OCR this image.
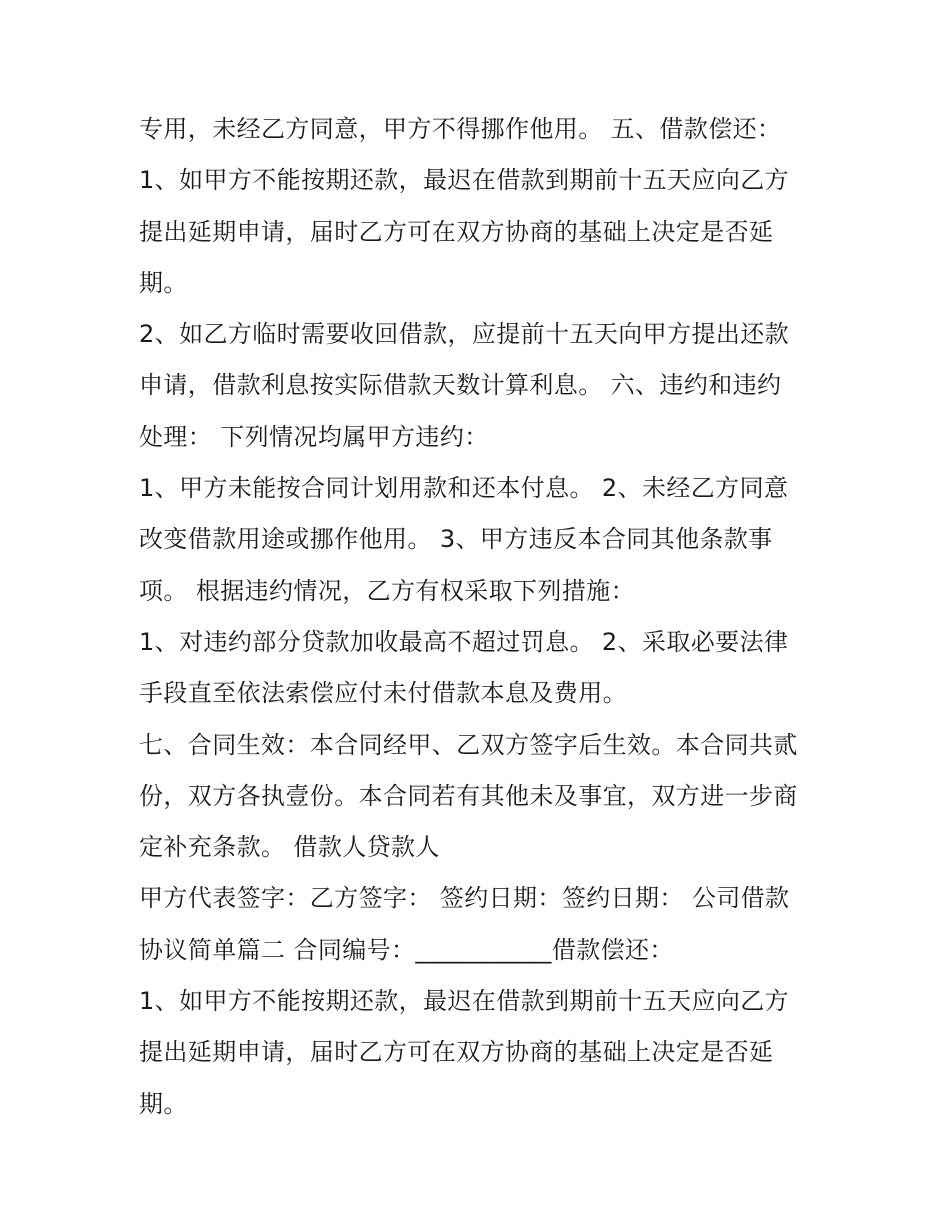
专用，未经乙方同意，甲方不得挪作他用。 五、借款偿还：
1、如甲方不能按期还款，最迟在借款到期前十五天应向乙方
提出延期申请，届时乙方可在双方协商的基础上决定是否延
期。
2、如乙方临时需要收回借款，应提前十五天向甲方提出还款
申请，借款利息按实际借款天数计算利息。 六、违约和违约
处理： 下列情况均属甲方违约：
1、甲方未能按合同计划用款和还本付息。 2、未经乙方同意
改变借款用途或挪作他用。 3、甲方违反本合同其他条款事
项。 根据违约情况，乙方有权采取下列措施：
1、对违约部分贷款加收最高不超过罚息。 2、采取必要法律
手段直至依法索偿应付未付借款本息及费用。
七、合同生效：本合同经甲、乙双方签字后生效。本合同共贰
份，双方各执壹份。本合同若有其他未及事宜，双方进一步商
定补充条款。 借款人贷款人
甲方代表签字：乙方签字： 签约日期：签约日期： 公司借款
协议简单篇二 合同编号：___________借款偿还：
1、如甲方不能按期还款，最迟在借款到期前十五天应向乙方
提出延期申请，届时乙方可在双方协商的基础上决定是否延
期。
